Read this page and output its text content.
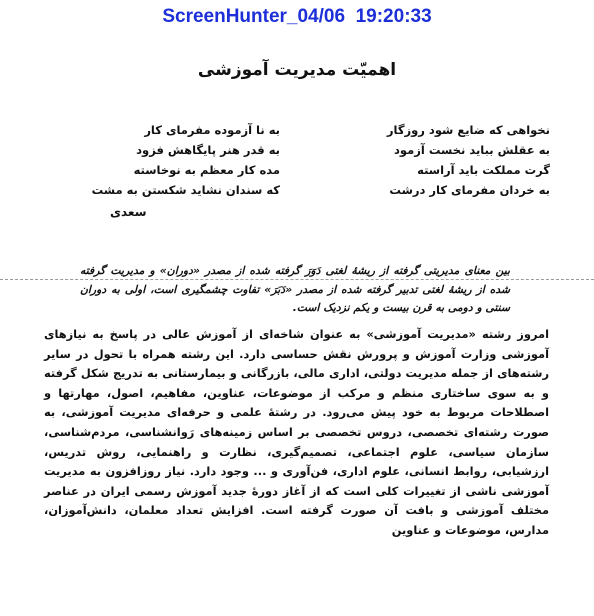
ScreenHunter_04/06  19:20:33
اهمیّت مدیریت آموزشی
نخواهی که ضایع شود روزگار
به عقلش بباید نخست آزمود
گرت مملکت باید آراسته
به خردان مفرمای کار درشت
به نا آزموده مفرمای کار
به قدر هنر پایگاهش فزود
مده کار معظم به نوخاسته
که سندان نشاید شکستن به مشت
سعدی

بین معنای مدیریتی گرفته از ریشهٔ لغتی دَوَرَ گرفته شده از مصدر «دوران» و مدیریت گرفته شده از ریشهٔ لغتی تدبیر گرفته شده از مصدر «دَبَرَ» تفاوت چشمگیری است، اولی به دوران سنتی و دومی به قرن بیست و یکم نزدیک است.

امروز رشته «مدیریت آموزشی» به عنوان شاخه‌ای از آموزش عالی در پاسخ به نیازهای آموزشی وزارت آموزش و پرورش نقش حساسی دارد. این رشته همراه با تحول در سایر رشته‌های از جمله مدیریت دولتی، اداری مالی، بازرگانی و بیمارستانی به تدریج شکل گرفته و به سوی ساختاری منظم و مرکب از موضوعات، عناوین، مفاهیم، اصول، مهارتها و اصطلاحات مربوط به خود پیش می‌رود. در رشتهٔ علمی و حرفه‌ای مدیریت آموزشی، به صورت رشته‌ای تخصصی، دروس تخصصی بر اساس زمینه‌های رَوانشناسی، مردم‌شناسی، سازمان سیاسی، علوم اجتماعی، تصمیم‌گیری، نظارت و راهنمایی، روش تدریس، ارزشیابی، روابط انسانی، علوم اداری، فن‌آوری و ... وجود دارد. نیاز روزافزون به مدیریت آموزشی ناشی از تغییرات کلی است که از آغاز دورهٔ جدید آموزش رسمی ایران در عناصر مختلف آموزشی و بافت آن صورت گرفته است. افزایش تعداد معلمان، دانش‌آموزان، مدارس، موضوعات و عناوین
